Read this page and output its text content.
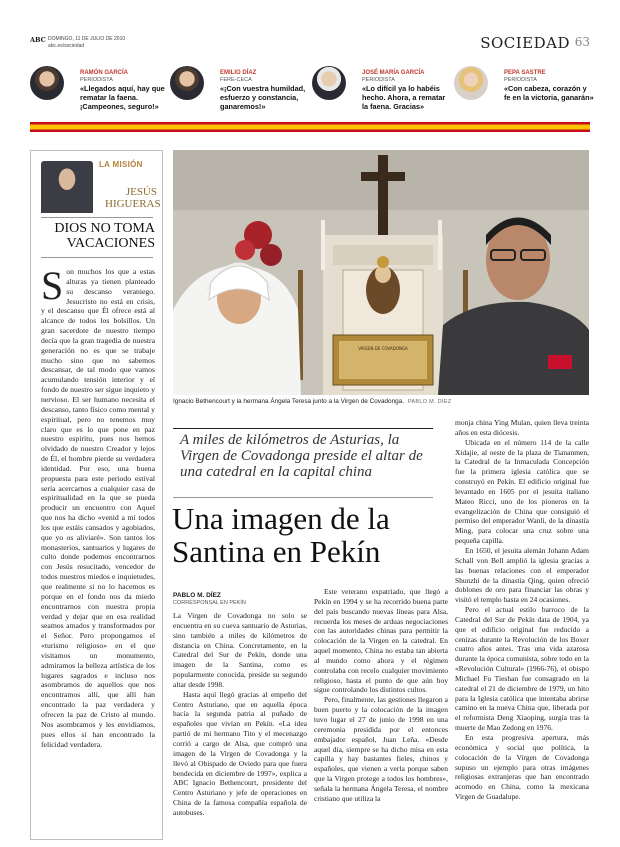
ABC DOMINGO, 11 DE JULIO DE 2010
abc.es/sociedad	SOCIEDAD 63
RAMÓN GARCÍA
PERIODISTA
«Llegados aquí, hay que rematar la faena. ¡Campeones, seguro!»
EMILIO DÍAZ
FERE-CECA
«¡Con vuestra humildad, esfuerzo y constancia, ganaremos!»
JOSÉ MARÍA GARCÍA
PERIODISTA
«Lo difícil ya lo habéis hecho. Ahora, a rematar la faena. Gracias»
PEPA SASTRE
PERIODISTA
«Con cabeza, corazón y fe en la victoria, ganarán»
LA MISIÓN
JESÚS HIGUERAS
DIOS NO TOMA VACACIONES

Son muchos los que a estas alturas ya tienen planteado su descanso veraniego. Jesucristo no está en crisis, y el descanso que Él ofrece está al alcance de todos los bolsillos. Un gran sacerdote de nuestro tiempo decía que la gran tragedia de nuestra generación no es que se trabaje mucho sino que no sabemos descansar, de tal modo que vamos acumulando tensión interior y el fondo de nuestro ser sigue inquieto y nervioso. El ser humano necesita el descanso, tanto físico como mental y espiritual, pero no tenemos muy claro que es lo que pone en paz nuestro espíritu, pues nos hemos olvidado de nuestro Creador y lejos de Él, el hombre pierde su verdadera identidad. Por eso, una buena propuesta para este periodo estival sería acercarnos a cualquier casa de espiritualidad en la que se pueda producir un encuentro con Aquel que nos ha dicho «venid a mí todos los que estáis cansados y agobiados, que yo os aliviaré». Son tantos los monasterios, santuarios y lugares de culto donde podemos encontrarnos con Jesús resucitado, vencedor de todos nuestros miedos e inquietudes, que realmente si no lo hacemos es porque en el fondo nos da miedo encontrarnos con nuestra propia verdad y dejar que en esa realidad seamos amados y transformados por el Señor. Pero propongamos el «turismo religioso» en el que visitamos un monumento, admiramos la belleza artística de los lugares sagrados e incluso nos asombramos de aquellos que nos encontramos allí, que allí han encontrado la paz verdadera y ofrecen la paz de Cristo al mundo. Nos asombramos y les envidiamos, pues ellos sí han encontrado la felicidad verdadera.

VIRGEN DE COVADONGA
Ignacio Bethencourt y la hermana Ángela Teresa junto a la Virgen de Covadonga. PABLO M. DÍEZ
A miles de kilómetros de Asturias, la Virgen de Covadonga preside el altar de una catedral en la capital china
Una imagen de la Santina en Pekín
PABLO M. DÍEZ
CORRESPONSAL EN PEKÍN

La Virgen de Covadonga no solo se encuentra en su cueva santuario de Asturias, sino también a miles de kilómetros de distancia en China. Concretamente, en la Catedral del Sur de Pekín, donde una imagen de la Santina, como es popularmente conocida, preside su segundo altar desde 1998.

Hasta aquí llegó gracias al empeño del Centro Asturiano, que en aquella época hacía la segunda patria al puñado de españoles que vivían en Pekín. «La idea partió de mi hermano Tito y el mecenazgo corrió a cargo de Alsa, que compró una imagen de la Virgen de Covadonga y la llevó al Obispado de Oviedo para que fuera bendecida en diciembre de 1997», explica a ABC Ignacio Bethencourt, presidente del Centro Asturiano y jefe de operaciones en China de la famosa compañía española de autobuses.

Este veterano expatriado, que llegó a Pekín en 1994 y se ha recorrido buena parte del país buscando nuevas líneas para Alsa, recuerda los meses de arduas negociaciones con las autoridades chinas para permitir la colocación de la Virgen en la catedral. En aquel momento, China no estaba tan abierta al mundo como ahora y el régimen controlaba con recelo cualquier movimiento religioso, hasta el punto de que aún hoy sigue controlando los distintos cultos.

Pero, finalmente, las gestiones llegaron a buen puerto y la colocación de la imagen tuvo lugar el 27 de junio de 1998 en una ceremonia presidida por el entonces embajador español, Juan Leña. «Desde aquel día, siempre se ha dicho misa en esta capilla y hay bastantes fieles, chinos y españoles, que vienen a verla porque saben que la Virgen protege a todos los hombres», señala la hermana Ángela Teresa, el nombre cristiano que utiliza la

monja china Ying Mulan, quien lleva treinta años en esta diócesis.

Ubicada en el número 114 de la calle Xidajie, al oeste de la plaza de Tiananmen, la Catedral de la Inmaculada Concepción fue la primera iglesia católica que se construyó en Pekín. El edificio original fue levantado en 1605 por el jesuita italiano Mateo Ricci, uno de los pioneros en la evangelización de China que consiguió el permiso del emperador Wanli, de la dinastía Ming, para colocar una cruz sobre una pequeña capilla.

En 1650, el jesuita alemán Johann Adam Schall von Bell amplió la iglesia gracias a las buenas relaciones con el emperador Shunzhi de la dinastía Qing, quien ofreció doblones de oro para financiar las obras y visitó el templo hasta en 24 ocasiones.

Pero el actual estilo barroco de la Catedral del Sur de Pekín data de 1904, ya que el edificio original fue reducido a cenizas durante la Revolución de los Boxer cuatro años antes. Tras una vida azarosa durante la época comunista, sobre todo en la «Revolución Cultural» (1966-76), el obispo Michael Fu Tieshan fue consagrado en la catedral el 21 de diciembre de 1979, un hito para la Iglesia católica que intentaba abrirse camino en la nueva China que, liberada por el reformista Deng Xiaoping, surgía tras la muerte de Mao Zedong en 1976.

En esta progresiva apertura, más económica y social que política, la colocación de la Virgen de Covadonga supuso un ejemplo para otras imágenes religiosas extranjeras que han encontrado acomodo en China, como la mexicana Virgen de Guadalupe.
